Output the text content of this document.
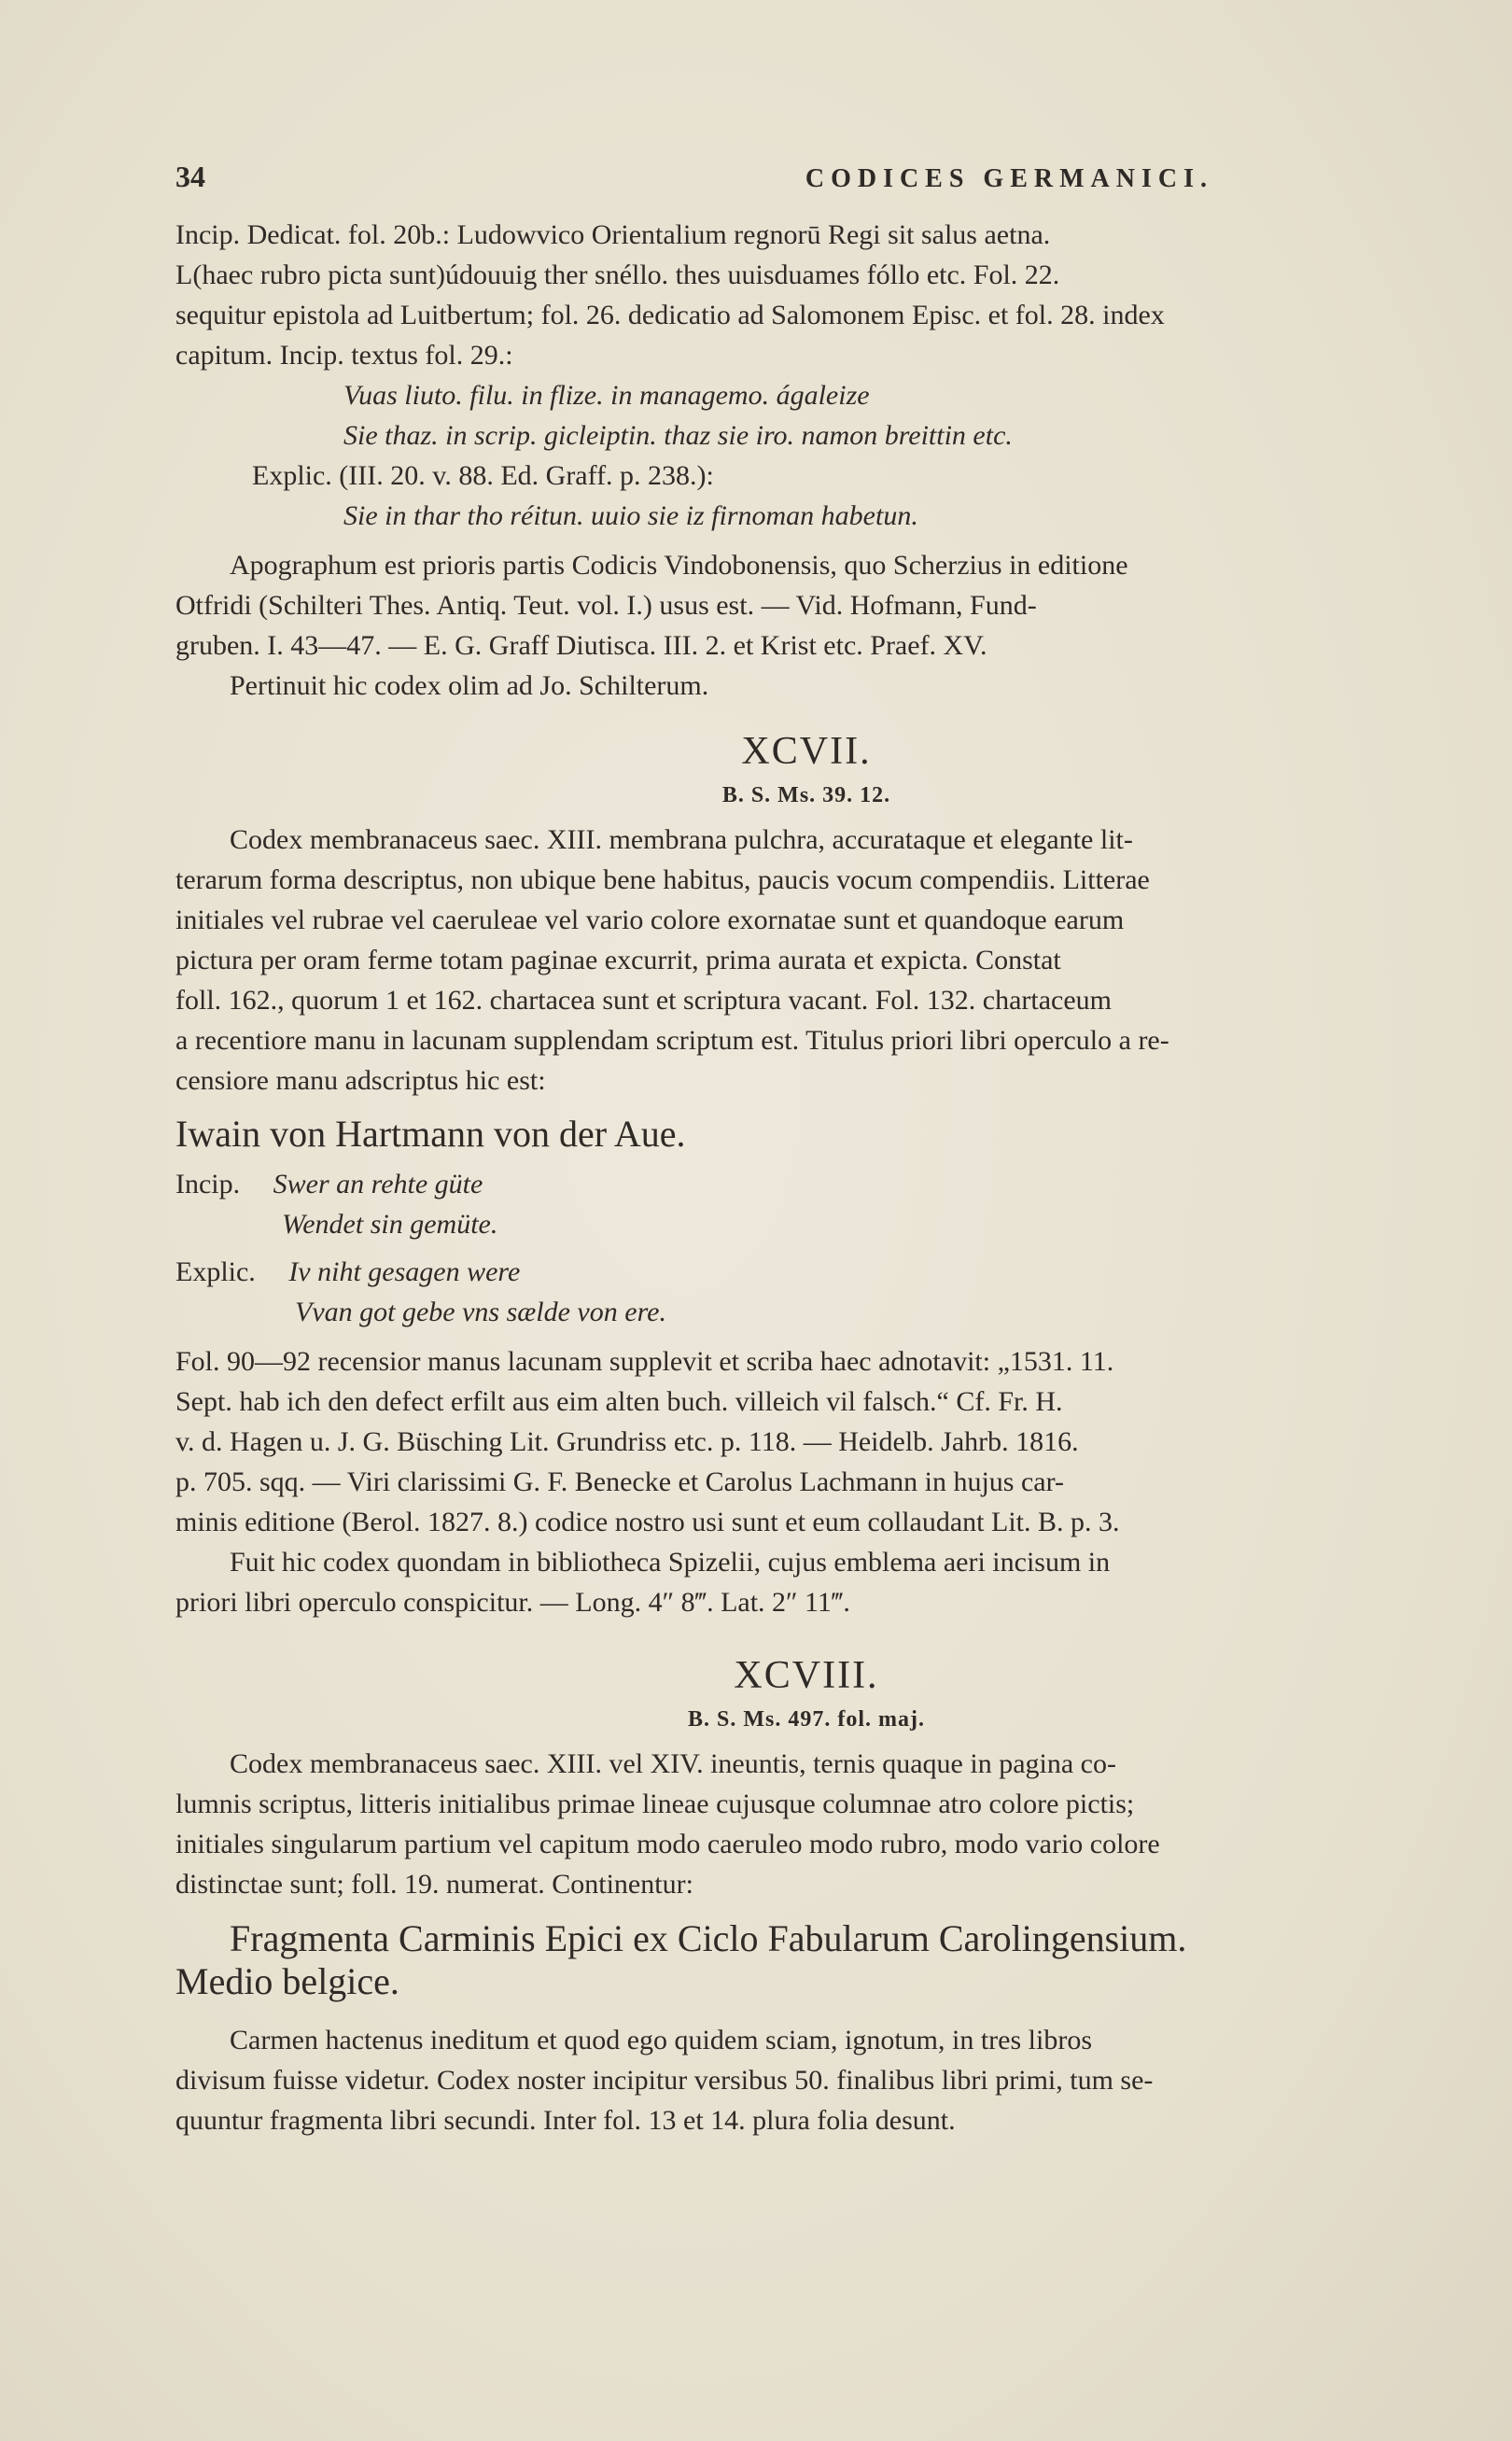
34	CODICES GERMANICI.

Incip. Dedicat. fol. 20b.: Ludowvico Orientalium regnorū Regi sit salus aetna.
L(haec rubro picta sunt)údouuig ther snéllo. thes uuisduames fóllo etc. Fol. 22.
sequitur epistola ad Luitbertum; fol. 26. dedicatio ad Salomonem Episc. et fol. 28. index
capitum. Incip. textus fol. 29.:

Vuas liuto. filu. in flize. in managemo. ágaleize
Sie thaz. in scrip. gicleiptin. thaz sie iro. namon breittin etc.
Explic. (III. 20. v. 88. Ed. Graff. p. 238.):
Sie in thar tho réitun. uuio sie iz firnoman habetun.

Apographum est prioris partis Codicis Vindobonensis, quo Scherzius in editione
Otfridi (Schilteri Thes. Antiq. Teut. vol. I.) usus est. — Vid. Hofmann, Fund-
gruben. I. 43—47. — E. G. Graff Diutisca. III. 2. et Krist etc. Praef. XV.

Pertinuit hic codex olim ad Jo. Schilterum.

XCVII.
B. S. Ms. 39. 12.

Codex membranaceus saec. XIII. membrana pulchra, accurataque et elegante lit-
terarum forma descriptus, non ubique bene habitus, paucis vocum compendiis. Litterae
initiales vel rubrae vel caeruleae vel vario colore exornatae sunt et quandoque earum
pictura per oram ferme totam paginae excurrit, prima aurata et expicta. Constat
foll. 162., quorum 1 et 162. chartacea sunt et scriptura vacant. Fol. 132. chartaceum
a recentiore manu in lacunam supplendam scriptum est. Titulus priori libri operculo a re-
censiore manu adscriptus hic est:

Iwain von Hartmann von der Aue.

Incip. Swer an rehte güte
Wendet sin gemüte.
Explic. Iv niht gesagen were
Vvan got gebe vns sælde von ere.

Fol. 90—92 recensior manus lacunam supplevit et scriba haec adnotavit: „1531. 11.
Sept. hab ich den defect erfilt aus eim alten buch. villeich vil falsch.“ Cf. Fr. H.
v. d. Hagen u. J. G. Büsching Lit. Grundriss etc. p. 118. — Heidelb. Jahrb. 1816.
p. 705. sqq. — Viri clarissimi G. F. Benecke et Carolus Lachmann in hujus car-
minis editione (Berol. 1827. 8.) codice nostro usi sunt et eum collaudant Lit. B. p. 3.

Fuit hic codex quondam in bibliotheca Spizelii, cujus emblema aeri incisum in
priori libri operculo conspicitur. — Long. 4″ 8‴. Lat. 2″ 11‴.

XCVIII.
B. S. Ms. 497. fol. maj.

Codex membranaceus saec. XIII. vel XIV. ineuntis, ternis quaque in pagina co-
lumnis scriptus, litteris initialibus primae lineae cujusque columnae atro colore pictis;
initiales singularum partium vel capitum modo caeruleo modo rubro, modo vario colore
distinctae sunt; foll. 19. numerat. Continentur:

Fragmenta Carminis Epici ex Ciclo Fabularum Carolingensium.
Medio belgice.

Carmen hactenus ineditum et quod ego quidem sciam, ignotum, in tres libros
divisum fuisse videtur. Codex noster incipitur versibus 50. finalibus libri primi, tum se-
quuntur fragmenta libri secundi. Inter fol. 13 et 14. plura folia desunt.
